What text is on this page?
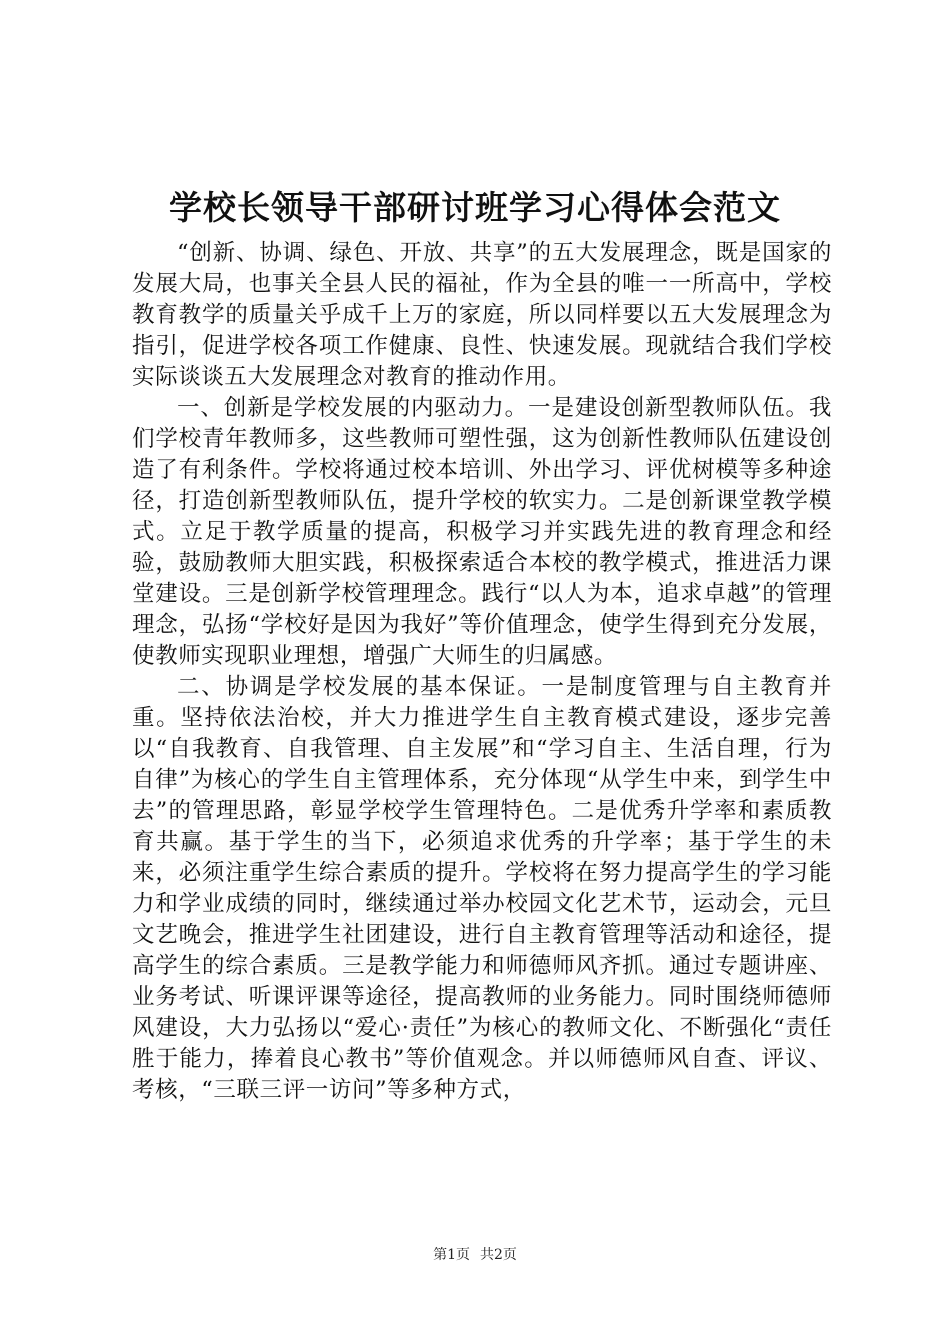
学校长领导干部研讨班学习心得体会范文

“创新、协调、绿色、开放、共享”的五大发展理念，既是国家的发展大局，也事关全县人民的福祉，作为全县的唯一一所高中，学校教育教学的质量关乎成千上万的家庭，所以同样要以五大发展理念为指引，促进学校各项工作健康、良性、快速发展。现就结合我们学校实际谈谈五大发展理念对教育的推动作用。

一、创新是学校发展的内驱动力。一是建设创新型教师队伍。我们学校青年教师多，这些教师可塑性强，这为创新性教师队伍建设创造了有利条件。学校将通过校本培训、外出学习、评优树模等多种途径，打造创新型教师队伍，提升学校的软实力。二是创新课堂教学模式。立足于教学质量的提高，积极学习并实践先进的教育理念和经验，鼓励教师大胆实践，积极探索适合本校的教学模式，推进活力课堂建设。三是创新学校管理理念。践行“以人为本，追求卓越”的管理理念，弘扬“学校好是因为我好”等价值理念，使学生得到充分发展，使教师实现职业理想，增强广大师生的归属感。

二、协调是学校发展的基本保证。一是制度管理与自主教育并重。坚持依法治校，并大力推进学生自主教育模式建设，逐步完善以“自我教育、自我管理、自主发展”和“学习自主、生活自理，行为自律”为核心的学生自主管理体系，充分体现“从学生中来，到学生中去”的管理思路，彰显学校学生管理特色。二是优秀升学率和素质教育共赢。基于学生的当下，必须追求优秀的升学率；基于学生的未来，必须注重学生综合素质的提升。学校将在努力提高学生的学习能力和学业成绩的同时，继续通过举办校园文化艺术节，运动会，元旦文艺晚会，推进学生社团建设，进行自主教育管理等活动和途径，提高学生的综合素质。三是教学能力和师德师风齐抓。通过专题讲座、业务考试、听课评课等途径，提高教师的业务能力。同时围绕师德师风建设，大力弘扬以“爱心·责任”为核心的教师文化、不断强化“责任胜于能力，捧着良心教书”等价值观念。并以师德师风自查、评议、考核，“三联三评一访问”等多种方式，

第1页 共2页
